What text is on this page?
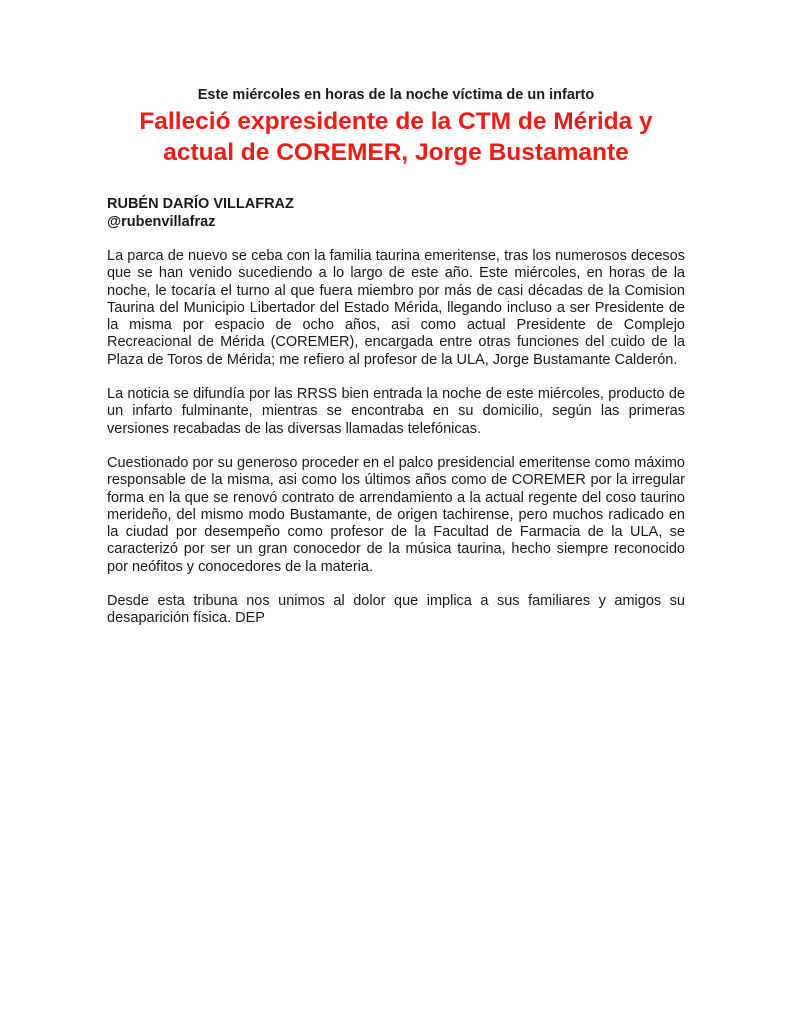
Este miércoles en horas de la noche víctima de un infarto

Falleció expresidente de la CTM de Mérida y
actual de COREMER, Jorge Bustamante
RUBÉN DARÍO VILLAFRAZ
@rubenvillafraz

La parca de nuevo se ceba con la familia taurina emeritense, tras los numerosos decesos que se han venido sucediendo a lo largo de este año. Este miércoles, en horas de la noche, le tocaría el turno al que fuera miembro por más de casi décadas de la Comision Taurina del Municipio Libertador del Estado Mérida, llegando incluso a ser Presidente de la misma por espacio de ocho años, asi como actual Presidente de Complejo Recreacional de Mérida (COREMER), encargada entre otras funciones del cuido de la Plaza de Toros de Mérida; me refiero al profesor de la ULA, Jorge Bustamante Calderón.

La noticia se difundía por las RRSS bien entrada la noche de este miércoles, producto de un infarto fulminante, mientras se encontraba en su domicilio, según las primeras versiones recabadas de las diversas llamadas telefónicas.

Cuestionado por su generoso proceder en el palco presidencial emeritense como máximo responsable de la misma, asi como los últimos años como de COREMER por la irregular forma en la que se renovó contrato de arrendamiento a la actual regente del coso taurino merideño, del mismo modo Bustamante, de origen tachirense, pero muchos radicado en la ciudad por desempeño como profesor de la Facultad de Farmacia de la ULA, se caracterizó por ser un gran conocedor de la música taurina, hecho siempre reconocido por neófitos y conocedores de la materia.

Desde esta tribuna nos unimos al dolor que implica a sus familiares y amigos su desaparición física. DEP
